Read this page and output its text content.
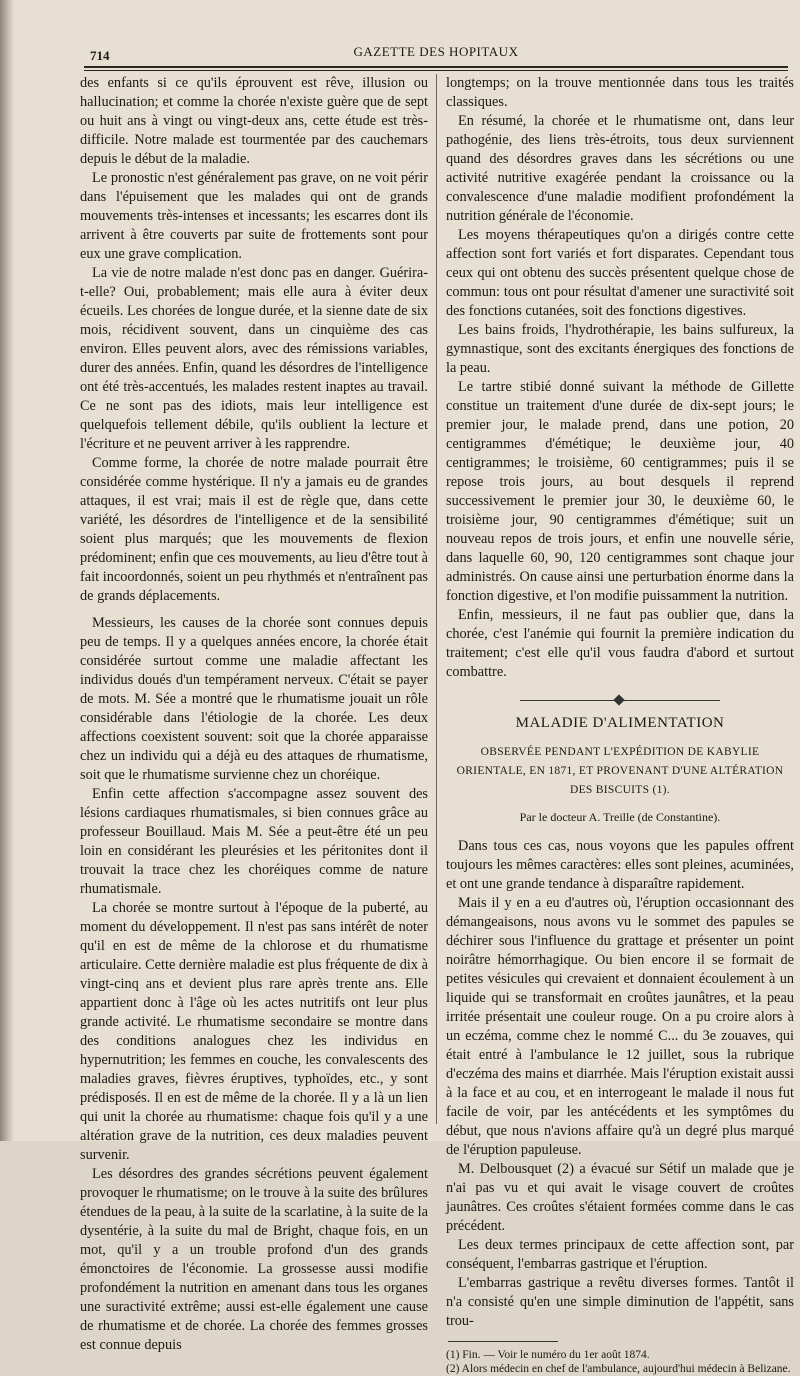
714	GAZETTE DES HOPITAUX

des enfants si ce qu'ils éprouvent est rêve, illusion ou hallucination; et comme la chorée n'existe guère que de sept ou huit ans à vingt ou vingt-deux ans, cette étude est très-difficile. Notre malade est tourmentée par des cauchemars depuis le début de la maladie.

Le pronostic n'est généralement pas grave, on ne voit périr dans l'épuisement que les malades qui ont de grands mouvements très-intenses et incessants; les escarres dont ils arrivent à être couverts par suite de frottements sont pour eux une grave complication.

La vie de notre malade n'est donc pas en danger. Guérira-t-elle? Oui, probablement; mais elle aura à éviter deux écueils. Les chorées de longue durée, et la sienne date de six mois, récidivent souvent, dans un cinquième des cas environ. Elles peuvent alors, avec des rémissions variables, durer des années. Enfin, quand les désordres de l'intelligence ont été très-accentués, les malades restent inaptes au travail. Ce ne sont pas des idiots, mais leur intelligence est quelquefois tellement débile, qu'ils oublient la lecture et l'écriture et ne peuvent arriver à les rapprendre.

Comme forme, la chorée de notre malade pourrait être considérée comme hystérique. Il n'y a jamais eu de grandes attaques, il est vrai; mais il est de règle que, dans cette variété, les désordres de l'intelligence et de la sensibilité soient plus marqués; que les mouvements de flexion prédominent; enfin que ces mouvements, au lieu d'être tout à fait incoordonnés, soient un peu rhythmés et n'entraînent pas de grands déplacements.

Messieurs, les causes de la chorée sont connues depuis peu de temps. Il y a quelques années encore, la chorée était considérée surtout comme une maladie affectant les individus doués d'un tempérament nerveux. C'était se payer de mots. M. Sée a montré que le rhumatisme jouait un rôle considérable dans l'étiologie de la chorée. Les deux affections coexistent souvent: soit que la chorée apparaisse chez un individu qui a déjà eu des attaques de rhumatisme, soit que le rhumatisme survienne chez un choréique.

Enfin cette affection s'accompagne assez souvent des lésions cardiaques rhumatismales, si bien connues grâce au professeur Bouillaud. Mais M. Sée a peut-être été un peu loin en considérant les pleurésies et les péritonites dont il trouvait la trace chez les choréiques comme de nature rhumatismale.

La chorée se montre surtout à l'époque de la puberté, au moment du développement. Il n'est pas sans intérêt de noter qu'il en est de même de la chlorose et du rhumatisme articulaire. Cette dernière maladie est plus fréquente de dix à vingt-cinq ans et devient plus rare après trente ans. Elle appartient donc à l'âge où les actes nutritifs ont leur plus grande activité. Le rhumatisme secondaire se montre dans des conditions analogues chez les individus en hypernutrition; les femmes en couche, les convalescents des maladies graves, fièvres éruptives, typhoïdes, etc., y sont prédisposés. Il en est de même de la chorée. Il y a là un lien qui unit la chorée au rhumatisme: chaque fois qu'il y a une altération grave de la nutrition, ces deux maladies peuvent survenir.

Les désordres des grandes sécrétions peuvent également provoquer le rhumatisme; on le trouve à la suite des brûlures étendues de la peau, à la suite de la scarlatine, à la suite de la dysentérie, à la suite du mal de Bright, chaque fois, en un mot, qu'il y a un trouble profond d'un des grands émonctoires de l'économie. La grossesse aussi modifie profondément la nutrition en amenant dans tous les organes une suractivité extrême; aussi est-elle également une cause de rhumatisme et de chorée. La chorée des femmes grosses est connue depuis

longtemps; on la trouve mentionnée dans tous les traités classiques.

En résumé, la chorée et le rhumatisme ont, dans leur pathogénie, des liens très-étroits, tous deux surviennent quand des désordres graves dans les sécrétions ou une activité nutritive exagérée pendant la croissance ou la convalescence d'une maladie modifient profondément la nutrition générale de l'économie.

Les moyens thérapeutiques qu'on a dirigés contre cette affection sont fort variés et fort disparates. Cependant tous ceux qui ont obtenu des succès présentent quelque chose de commun: tous ont pour résultat d'amener une suractivité soit des fonctions cutanées, soit des fonctions digestives.

Les bains froids, l'hydrothérapie, les bains sulfureux, la gymnastique, sont des excitants énergiques des fonctions de la peau.

Le tartre stibié donné suivant la méthode de Gillette constitue un traitement d'une durée de dix-sept jours; le premier jour, le malade prend, dans une potion, 20 centigrammes d'émétique; le deuxième jour, 40 centigrammes; le troisième, 60 centigrammes; puis il se repose trois jours, au bout desquels il reprend successivement le premier jour 30, le deuxième 60, le troisième jour, 90 centigrammes d'émétique; suit un nouveau repos de trois jours, et enfin une nouvelle série, dans laquelle 60, 90, 120 centigrammes sont chaque jour administrés. On cause ainsi une perturbation énorme dans la fonction digestive, et l'on modifie puissamment la nutrition.

Enfin, messieurs, il ne faut pas oublier que, dans la chorée, c'est l'anémie qui fournit la première indication du traitement; c'est elle qu'il vous faudra d'abord et surtout combattre.

MALADIE D'ALIMENTATION
OBSERVÉE PENDANT L'EXPÉDITION DE KABYLIE ORIENTALE, EN 1871, ET PROVENANT D'UNE ALTÉRATION DES BISCUITS (1).
Par le docteur A. Treille (de Constantine).

Dans tous ces cas, nous voyons que les papules offrent toujours les mêmes caractères: elles sont pleines, acuminées, et ont une grande tendance à disparaître rapidement.

Mais il y en a eu d'autres où, l'éruption occasionnant des démangeaisons, nous avons vu le sommet des papules se déchirer sous l'influence du grattage et présenter un point noirâtre hémorrhagique. Ou bien encore il se formait de petites vésicules qui crevaient et donnaient écoulement à un liquide qui se transformait en croûtes jaunâtres, et la peau irritée présentait une couleur rouge. On a pu croire alors à un eczéma, comme chez le nommé C... du 3e zouaves, qui était entré à l'ambulance le 12 juillet, sous la rubrique d'eczéma des mains et diarrhée. Mais l'éruption existait aussi à la face et au cou, et en interrogeant le malade il nous fut facile de voir, par les antécédents et les symptômes du début, que nous n'avions affaire qu'à un degré plus marqué de l'éruption papuleuse.

M. Delbousquet (2) a évacué sur Sétif un malade que je n'ai pas vu et qui avait le visage couvert de croûtes jaunâtres. Ces croûtes s'étaient formées comme dans le cas précédent.

Les deux termes principaux de cette affection sont, par conséquent, l'embarras gastrique et l'éruption.

L'embarras gastrique a revêtu diverses formes. Tantôt il n'a consisté qu'en une simple diminution de l'appétit, sans trou-

(1) Fin. — Voir le numéro du 1er août 1874.

(2) Alors médecin en chef de l'ambulance, aujourd'hui médecin à Belizane.
